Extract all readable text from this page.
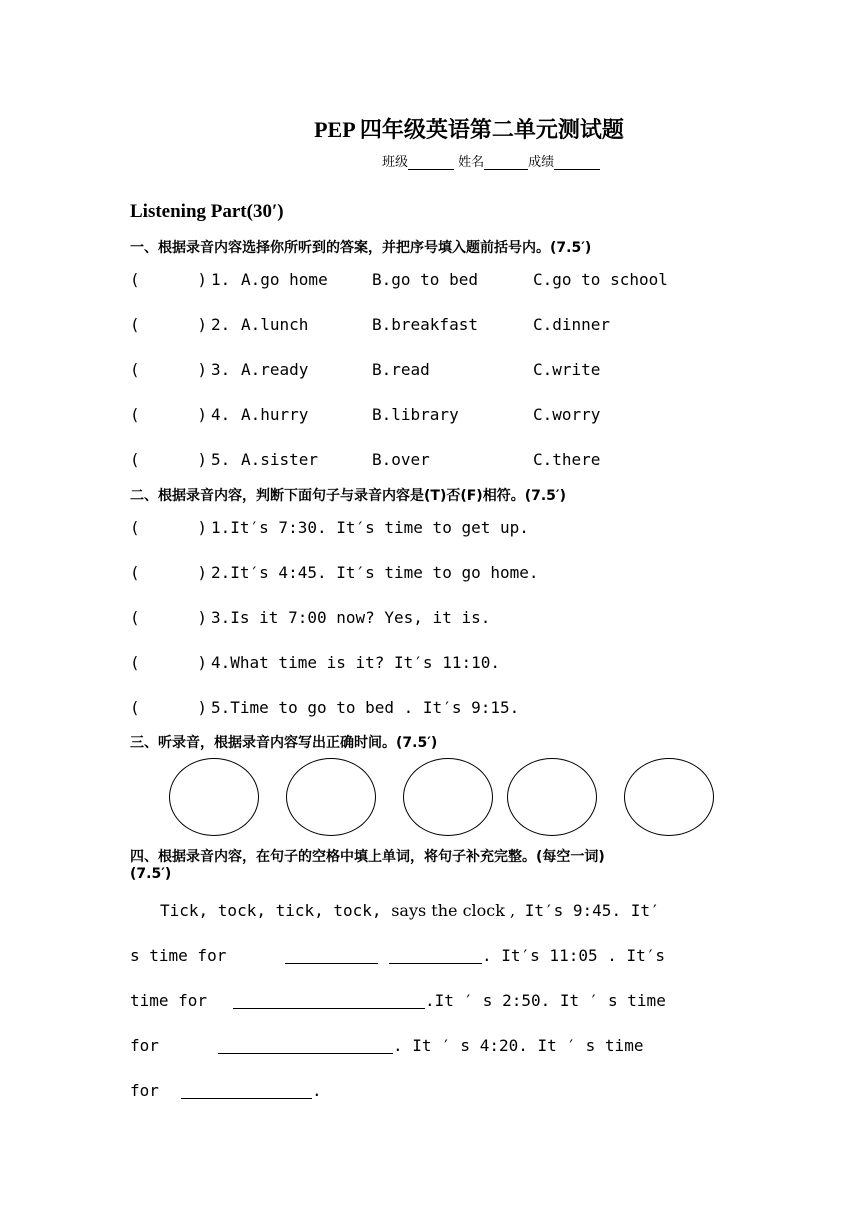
PEP 四年级英语第二单元测试题
班级	姓名	成绩
Listening Part(30′)
一、根据录音内容选择你所听到的答案，并把序号填入题前括号内。(7.5′)
(      ) 1. A.go home	B.go to bed	C.go to school
(      ) 2. A.lunch	B.breakfast	C.dinner
(      ) 3. A.ready	B.read	C.write
(      ) 4. A.hurry	B.library	C.worry
(      ) 5. A.sister	B.over	C.there
二、根据录音内容，判断下面句子与录音内容是(T)否(F)相符。(7.5′)
(      ) 1.It′s 7:30. It′s time to get up.
(      ) 2.It′s 4:45. It′s time to go home.
(      ) 3.Is it 7:00 now? Yes, it is.
(      ) 4.What time is it? It′s 11:10.
(      ) 5.Time to go to bed . It′s 9:15.
三、听录音，根据录音内容写出正确时间。(7.5′)
四、根据录音内容，在句子的空格中填上单词，将句子补充完整。(每空一词)
(7.5′)
Tick, tock, tick, tock, says the clock , It′s 9:45. It′
s time for	. It′s 11:05 . It′s
time for	.It ′ s 2:50. It ′ s time
for	. It ′ s 4:20. It ′ s time
for	.
